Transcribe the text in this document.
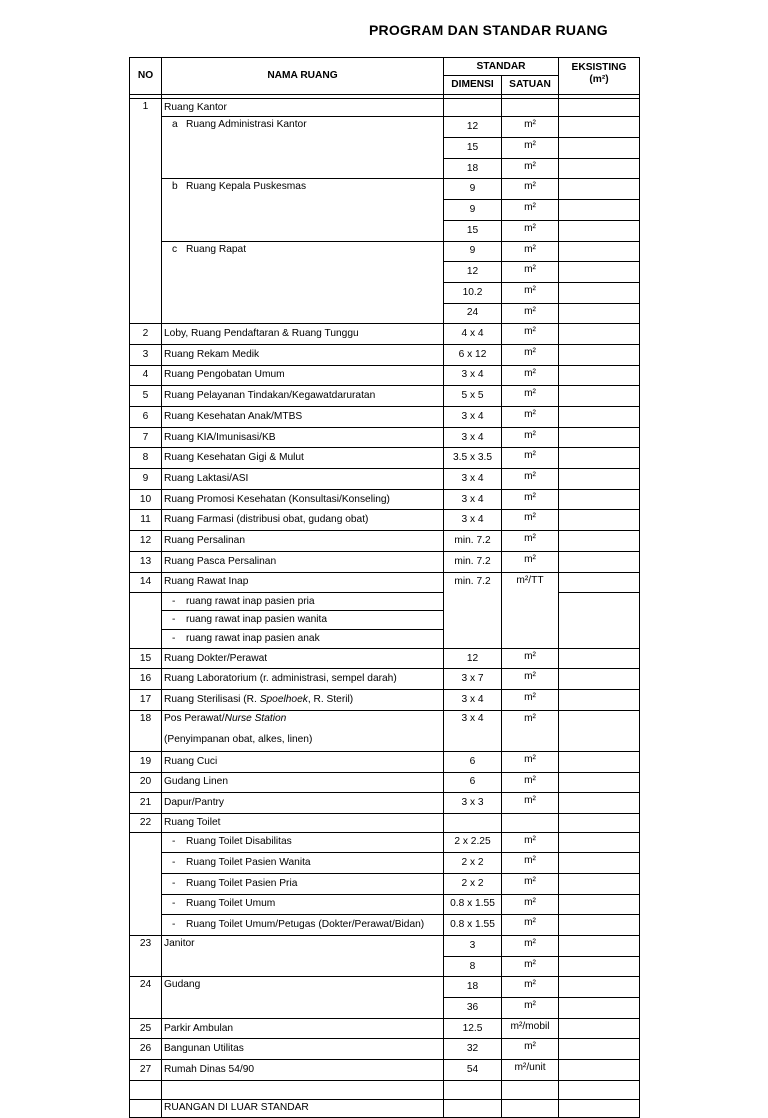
PROGRAM DAN STANDAR RUANG
NO	NAMA RUANG	STANDAR	EKSISTING
(m²)
DIMENSI	SATUAN

1	Ruang Kantor			
a Ruang Administrasi Kantor	12	m²	
15	m²	
18	m²	
b Ruang Kepala Puskesmas	9	m²	
9	m²	
15	m²	
c Ruang Rapat	9	m²	
12	m²	
10.2	m²	
24	m²	
2	Loby, Ruang Pendaftaran & Ruang Tunggu	4 x 4	m²	
3	Ruang Rekam Medik	6 x 12	m²	
4	Ruang Pengobatan Umum	3 x 4	m²	
5	Ruang Pelayanan Tindakan/Kegawatdaruratan	5 x 5	m²	
6	Ruang Kesehatan Anak/MTBS	3 x 4	m²	
7	Ruang KIA/Imunisasi/KB	3 x 4	m²	
8	Ruang Kesehatan Gigi & Mulut	3.5 x 3.5	m²	
9	Ruang Laktasi/ASI	3 x 4	m²	
10	Ruang Promosi Kesehatan (Konsultasi/Konseling)	3 x 4	m²	
11	Ruang Farmasi (distribusi obat, gudang obat)	3 x 4	m²	
12	Ruang Persalinan	min. 7.2	m²	
13	Ruang Pasca Persalinan	min. 7.2	m²	
14	Ruang Rawat Inap	min. 7.2	m²/TT	
	- ruang rawat inap pasien pria			
	- ruang rawat inap pasien wanita			
	- ruang rawat inap pasien anak			
15	Ruang Dokter/Perawat	12	m²	
16	Ruang Laboratorium (r. administrasi, sempel darah)	3 x 7	m²	
17	Ruang Sterilisasi (R. Spoelhoek, R. Steril)	3 x 4	m²	
18	Pos Perawat/Nurse Station
(Penyimpanan obat, alkes, linen)	3 x 4	m²	
19	Ruang Cuci	6	m²	
20	Gudang Linen	6	m²	
21	Dapur/Pantry	3 x 3	m²	
22	Ruang Toilet			
	- Ruang Toilet Disabilitas	2 x 2.25	m²	
	- Ruang Toilet Pasien Wanita	2 x 2	m²	
	- Ruang Toilet Pasien Pria	2 x 2	m²	
	- Ruang Toilet Umum	0.8 x 1.55	m²	
	- Ruang Toilet Umum/Petugas (Dokter/Perawat/Bidan)	0.8 x 1.55	m²	
23	Janitor	3	m²	
8	m²	
24	Gudang	18	m²	
36	m²	
25	Parkir Ambulan	12.5	m²/mobil	
26	Bangunan Utilitas	32	m²	
27	Rumah Dinas 54/90	54	m²/unit	

	RUANGAN DI LUAR STANDAR			
